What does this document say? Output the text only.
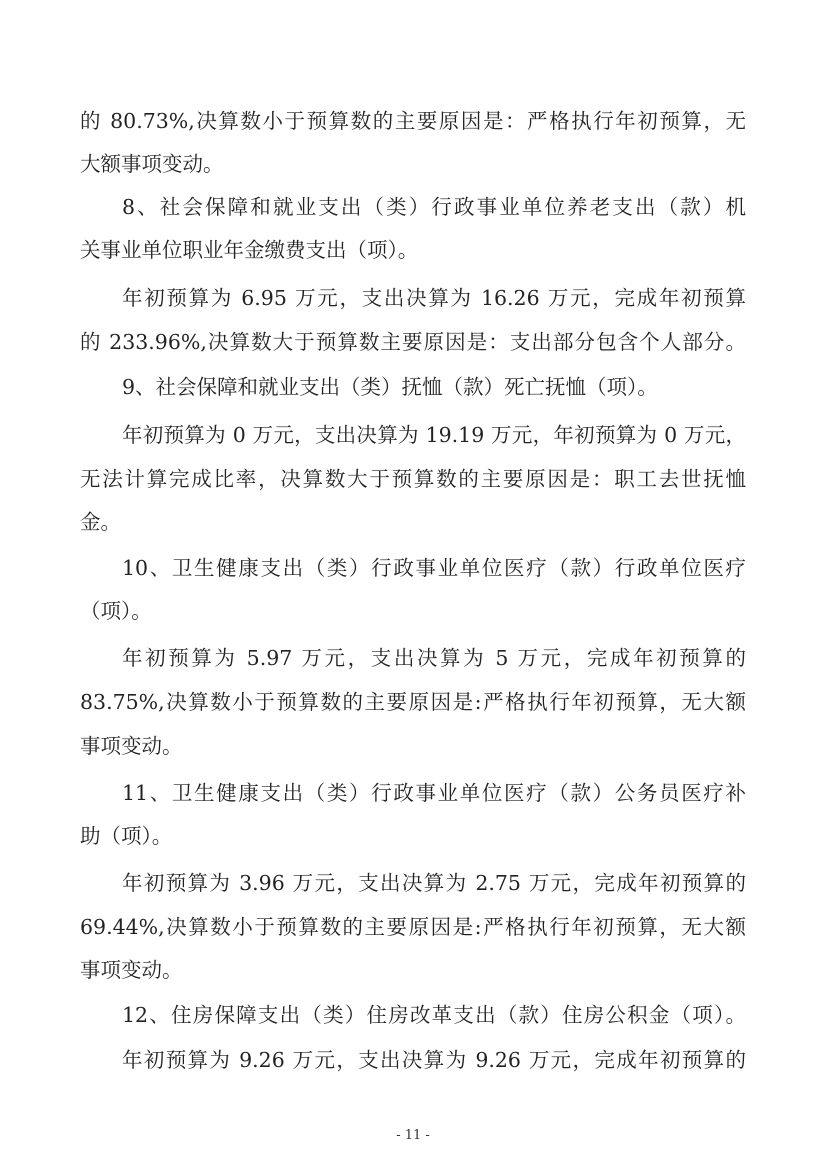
的 80.73%,决算数小于预算数的主要原因是：严格执行年初预算，无
大额事项变动。
8、社会保障和就业支出（类）行政事业单位养老支出（款）机
关事业单位职业年金缴费支出（项）。
年初预算为 6.95 万元，支出决算为 16.26 万元，完成年初预算
的 233.96%,决算数大于预算数主要原因是：支出部分包含个人部分。
9、社会保障和就业支出（类）抚恤（款）死亡抚恤（项）。
年初预算为 0 万元，支出决算为 19.19 万元，年初预算为 0 万元，
无法计算完成比率，决算数大于预算数的主要原因是：职工去世抚恤
金。
10、卫生健康支出（类）行政事业单位医疗（款）行政单位医疗
（项）。
年初预算为 5.97 万元，支出决算为 5 万元，完成年初预算的
83.75%,决算数小于预算数的主要原因是:严格执行年初预算，无大额
事项变动。
11、卫生健康支出（类）行政事业单位医疗（款）公务员医疗补
助（项）。
年初预算为 3.96 万元，支出决算为 2.75 万元，完成年初预算的
69.44%,决算数小于预算数的主要原因是:严格执行年初预算，无大额
事项变动。
12、住房保障支出（类）住房改革支出（款）住房公积金（项）。
年初预算为 9.26 万元，支出决算为 9.26 万元，完成年初预算的
- 11 -
